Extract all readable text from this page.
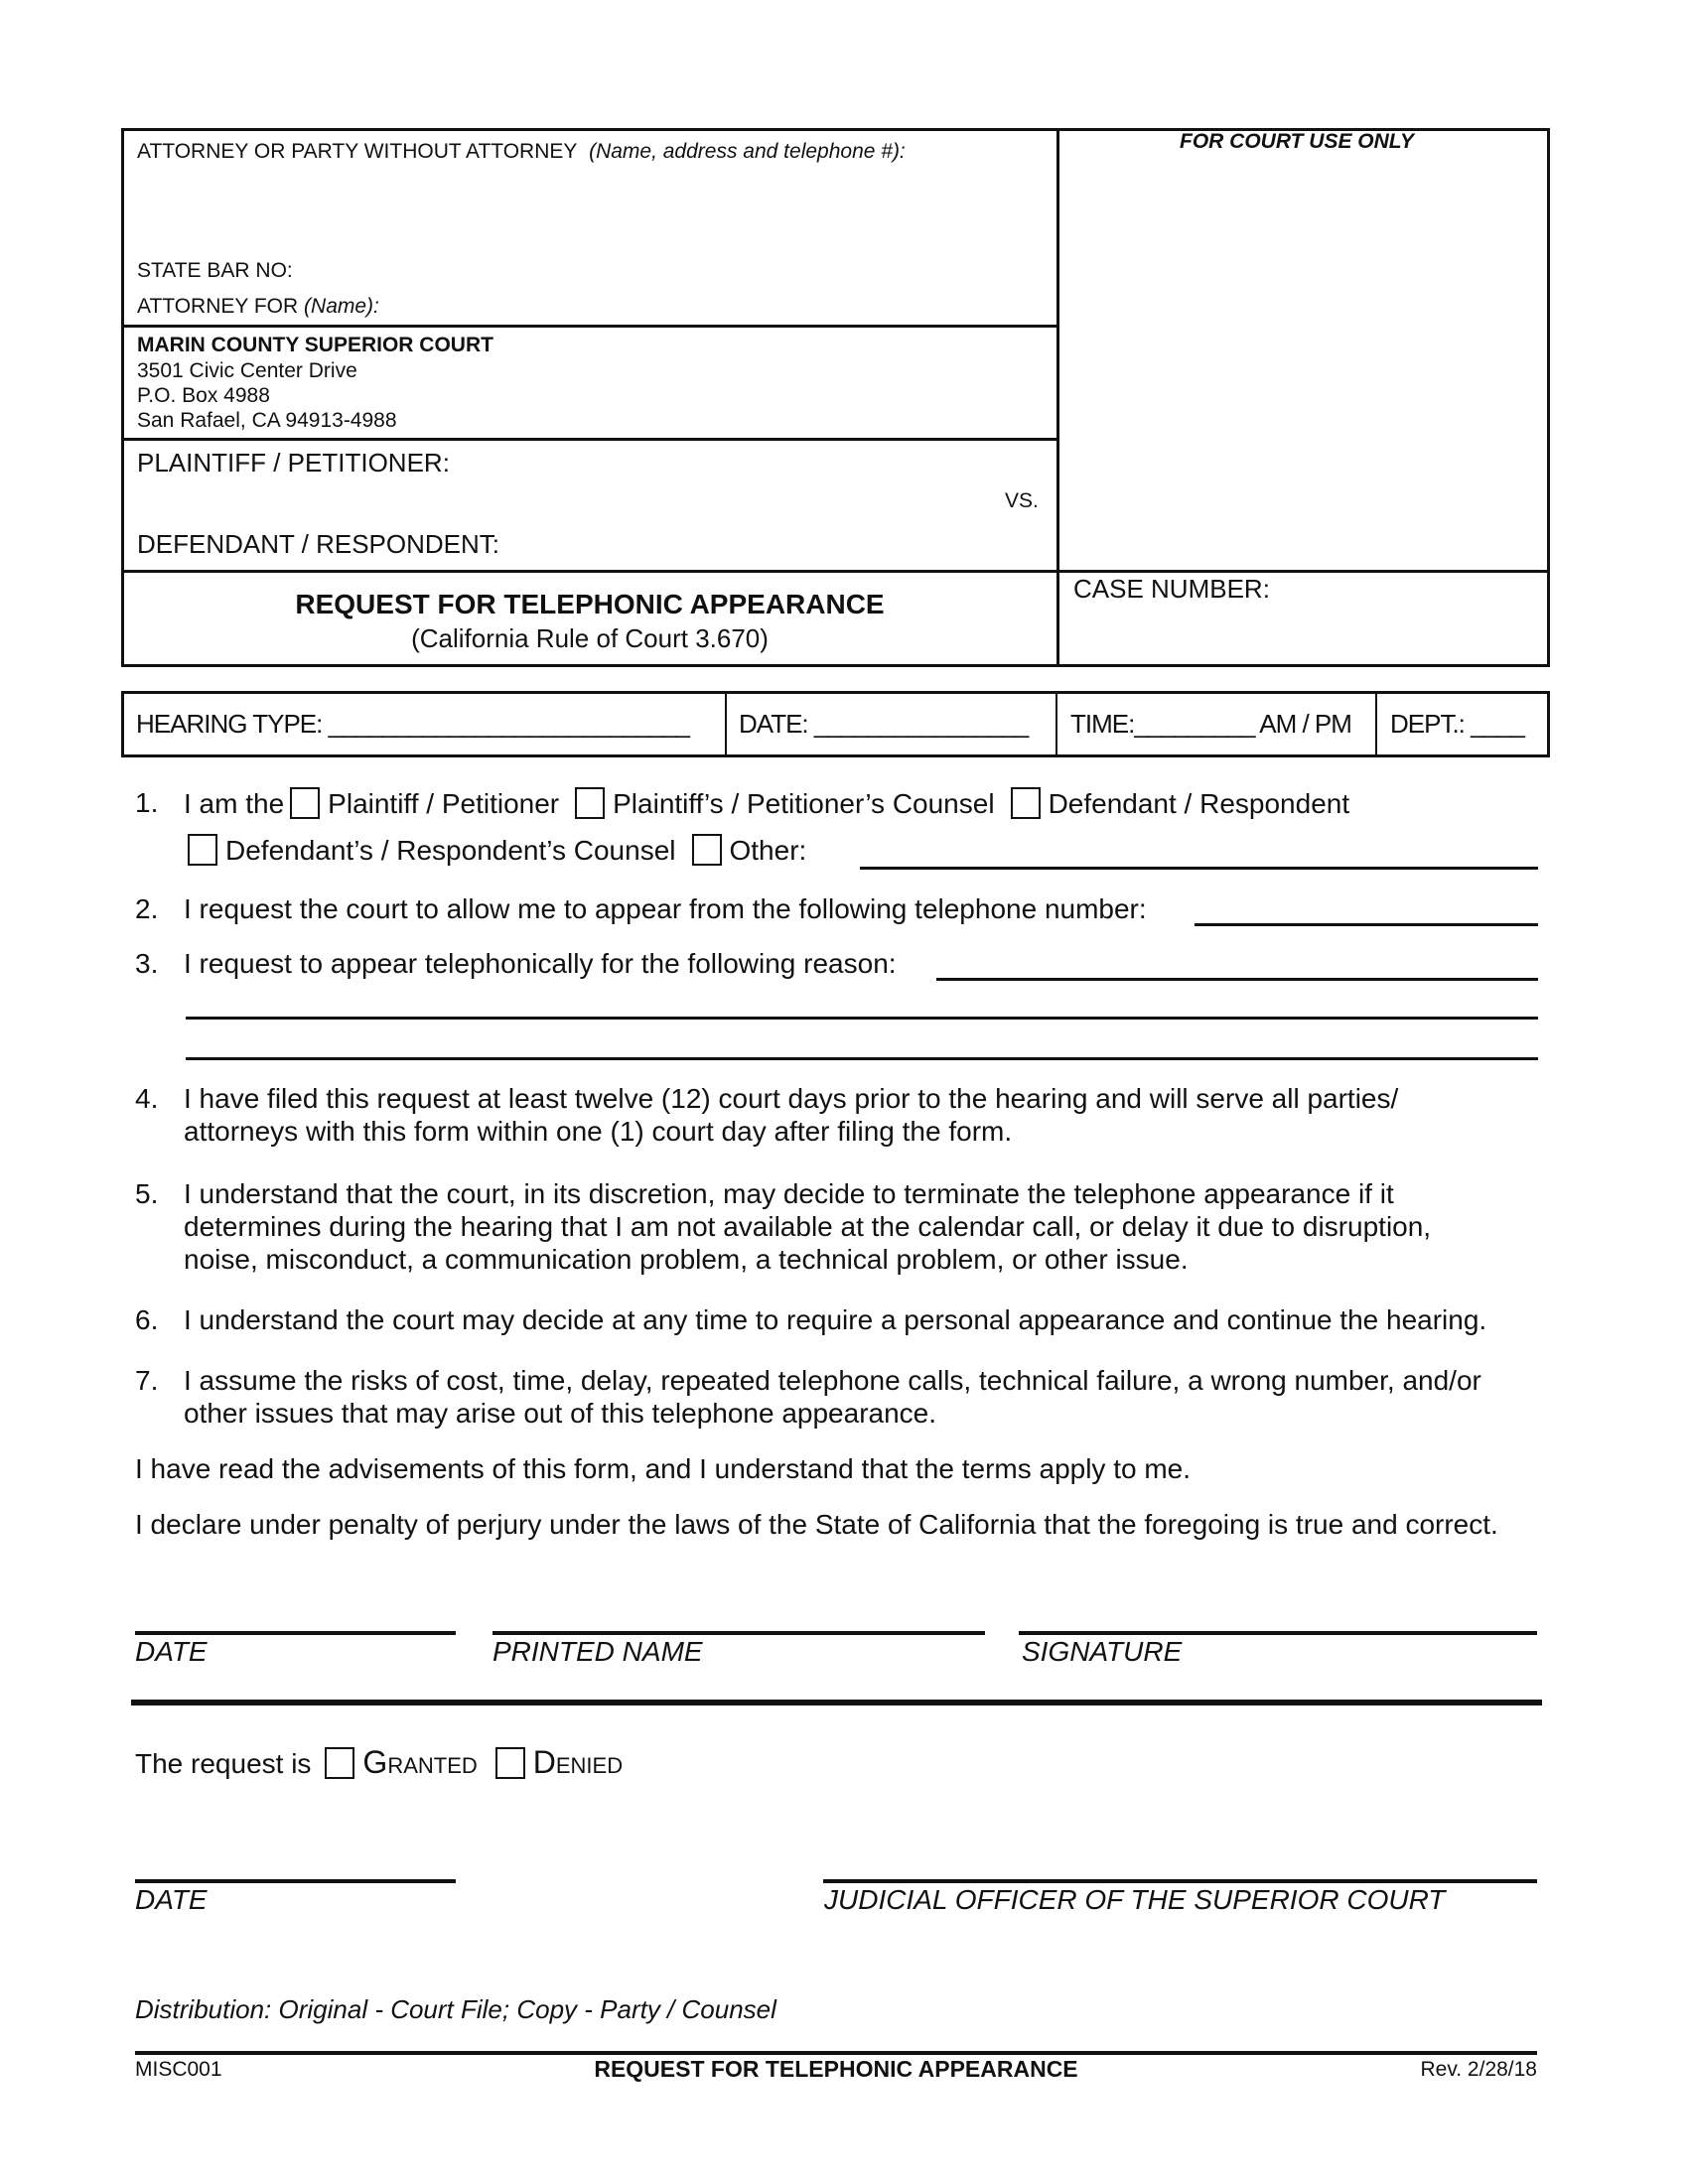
ATTORNEY OR PARTY WITHOUT ATTORNEY (Name, address and telephone #):	FOR COURT USE ONLY
STATE BAR NO:
ATTORNEY FOR (Name):
MARIN COUNTY SUPERIOR COURT
3501 Civic Center Drive
P.O. Box 4988
San Rafael, CA 94913-4988
PLAINTIFF / PETITIONER:
VS.
DEFENDANT / RESPONDENT:
REQUEST FOR TELEPHONIC APPEARANCE
(California Rule of Court 3.670)
CASE NUMBER:
HEARING TYPE: ___________________________ DATE: ________________ TIME:_________ AM / PM DEPT.: ____
1. I am the Plaintiff / Petitioner Plaintiff’s / Petitioner’s Counsel Defendant / Respondent
Defendant’s / Respondent’s Counsel Other:
2. I request the court to allow me to appear from the following telephone number:
3. I request to appear telephonically for the following reason:
4. I have filed this request at least twelve (12) court days prior to the hearing and will serve all parties/
attorneys with this form within one (1) court day after filing the form.
5. I understand that the court, in its discretion, may decide to terminate the telephone appearance if it
determines during the hearing that I am not available at the calendar call, or delay it due to disruption,
noise, misconduct, a communication problem, a technical problem, or other issue.
6. I understand the court may decide at any time to require a personal appearance and continue the hearing.
7. I assume the risks of cost, time, delay, repeated telephone calls, technical failure, a wrong number, and/or
other issues that may arise out of this telephone appearance.
I have read the advisements of this form, and I understand that the terms apply to me.
I declare under penalty of perjury under the laws of the State of California that the foregoing is true and correct.
DATE	PRINTED NAME	SIGNATURE
The request is Granted Denied
DATE	JUDICIAL OFFICER OF THE SUPERIOR COURT
Distribution: Original - Court File; Copy - Party / Counsel
MISC001	REQUEST FOR TELEPHONIC APPEARANCE	Rev. 2/28/18
